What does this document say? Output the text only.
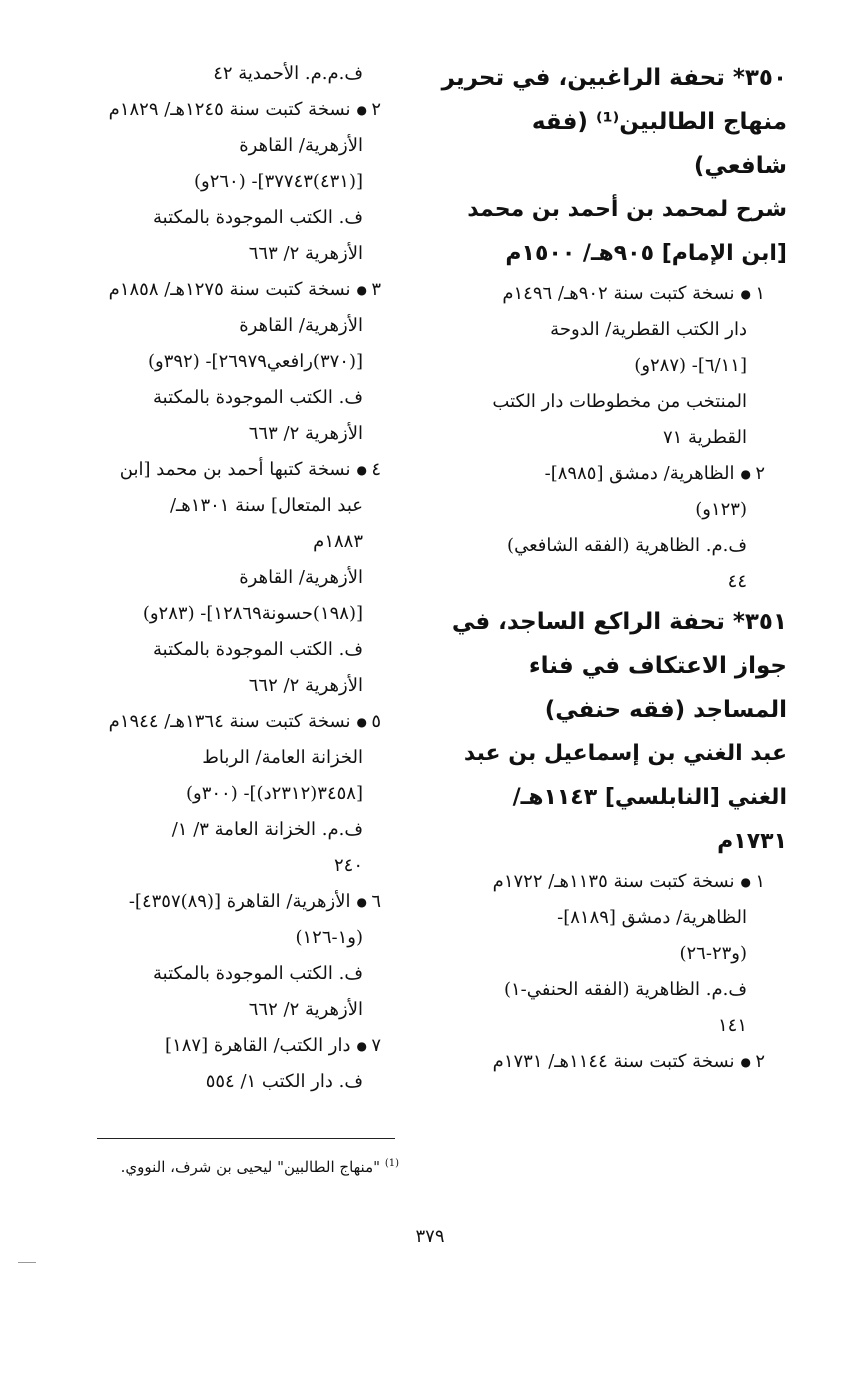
ف.م.م. الأحمدية ٤٢

٢●نسخة كتبت سنة ١٢٤٥هـ/ ١٨٢٩م

الأزهرية/ القاهرة

[(٤٣١)٣٧٧٤٣]- (٢٦٠و)

ف. الكتب الموجودة بالمكتبة

الأزهرية ٢/ ٦٦٣

٣●نسخة كتبت سنة ١٢٧٥هـ/ ١٨٥٨م

الأزهرية/ القاهرة

[(٣٧٠)رافعي٢٦٩٧٩]- (٣٩٢و)

ف. الكتب الموجودة بالمكتبة

الأزهرية ٢/ ٦٦٣

٤●نسخة كتبها أحمد بن محمد [ابن

عبد المتعال] سنة ١٣٠١هـ/

١٨٨٣م

الأزهرية/ القاهرة

[(١٩٨)حسونة١٢٨٦٩]- (٢٨٣و)

ف. الكتب الموجودة بالمكتبة

الأزهرية ٢/ ٦٦٢

٥●نسخة كتبت سنة ١٣٦٤هـ/ ١٩٤٤م

الخزانة العامة/ الرباط

[٣٤٥٨(٢٣١٢د)]- (٣٠٠و)

ف.م. الخزانة العامة ٣/ ١/

٢٤٠

٦●الأزهرية/ القاهرة [(٨٩)٤٣٥٧]-

(و١-١٢٦)

ف. الكتب الموجودة بالمكتبة

الأزهرية ٢/ ٦٦٢

٧●دار الكتب/ القاهرة [١٨٧]

ف. دار الكتب ١/ ٥٥٤

٣٥٠* تحفة الراغبين، في تحرير

منهاج الطالبين⁽¹⁾ (فقه

شافعي)

شرح لمحمد بن أحمد بن محمد

[ابن الإمام] ٩٠٥هـ/ ١٥٠٠م

١●نسخة كتبت سنة ٩٠٢هـ/ ١٤٩٦م

دار الكتب القطرية/ الدوحة

[٦/١١]- (٢٨٧و)

المنتخب من مخطوطات دار الكتب

القطرية ٧١

٢●الظاهرية/ دمشق [٨٩٨٥]-

(١٢٣و)

ف.م. الظاهرية (الفقه الشافعي)

٤٤

٣٥١* تحفة الراكع الساجد، في

جواز الاعتكاف في فناء

المساجد (فقه حنفي)

عبد الغني بن إسماعيل بن عبد

الغني [النابلسي] ١١٤٣هـ/

١٧٣١م

١●نسخة كتبت سنة ١١٣٥هـ/ ١٧٢٢م

الظاهرية/ دمشق [٨١٨٩]-

(و٢٣-٢٦)

ف.م. الظاهرية (الفقه الحنفي-١)

١٤١

٢●نسخة كتبت سنة ١١٤٤هـ/ ١٧٣١م

$^{(1)}$ "منهاج الطالبين" ليحيى بن شرف، النووي.
٣٧٩
